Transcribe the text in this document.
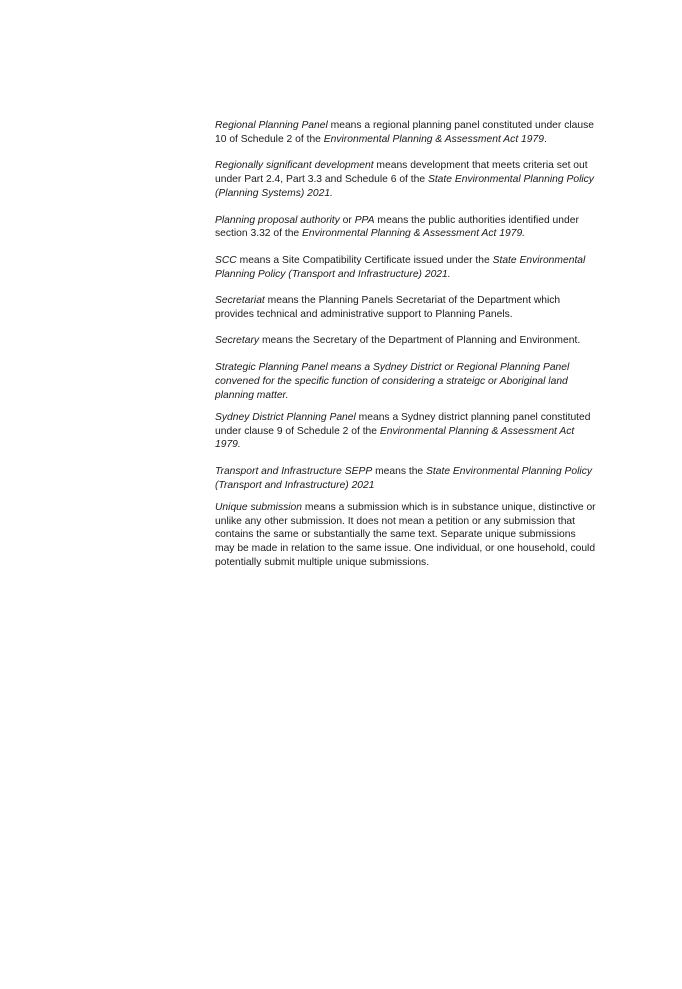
Regional Planning Panel means a regional planning panel constituted under clause 10 of Schedule 2 of the Environmental Planning & Assessment Act 1979.

Regionally significant development means development that meets criteria set out under Part 2.4, Part 3.3 and Schedule 6 of the State Environmental Planning Policy (Planning Systems) 2021.

Planning proposal authority or PPA means the public authorities identified under section 3.32 of the Environmental Planning & Assessment Act 1979.

SCC means a Site Compatibility Certificate issued under the State Environmental Planning Policy (Transport and Infrastructure) 2021.

Secretariat means the Planning Panels Secretariat of the Department which provides technical and administrative support to Planning Panels.

Secretary means the Secretary of the Department of Planning and Environment.

Strategic Planning Panel means a Sydney District or Regional Planning Panel convened for the specific function of considering a strateigc or Aboriginal land planning matter.

Sydney District Planning Panel means a Sydney district planning panel constituted under clause 9 of Schedule 2 of the Environmental Planning & Assessment Act 1979.

Transport and Infrastructure SEPP means the State Environmental Planning Policy (Transport and Infrastructure) 2021

Unique submission means a submission which is in substance unique, distinctive or unlike any other submission. It does not mean a petition or any submission that contains the same or substantially the same text. Separate unique submissions may be made in relation to the same issue. One individual, or one household, could potentially submit multiple unique submissions.
